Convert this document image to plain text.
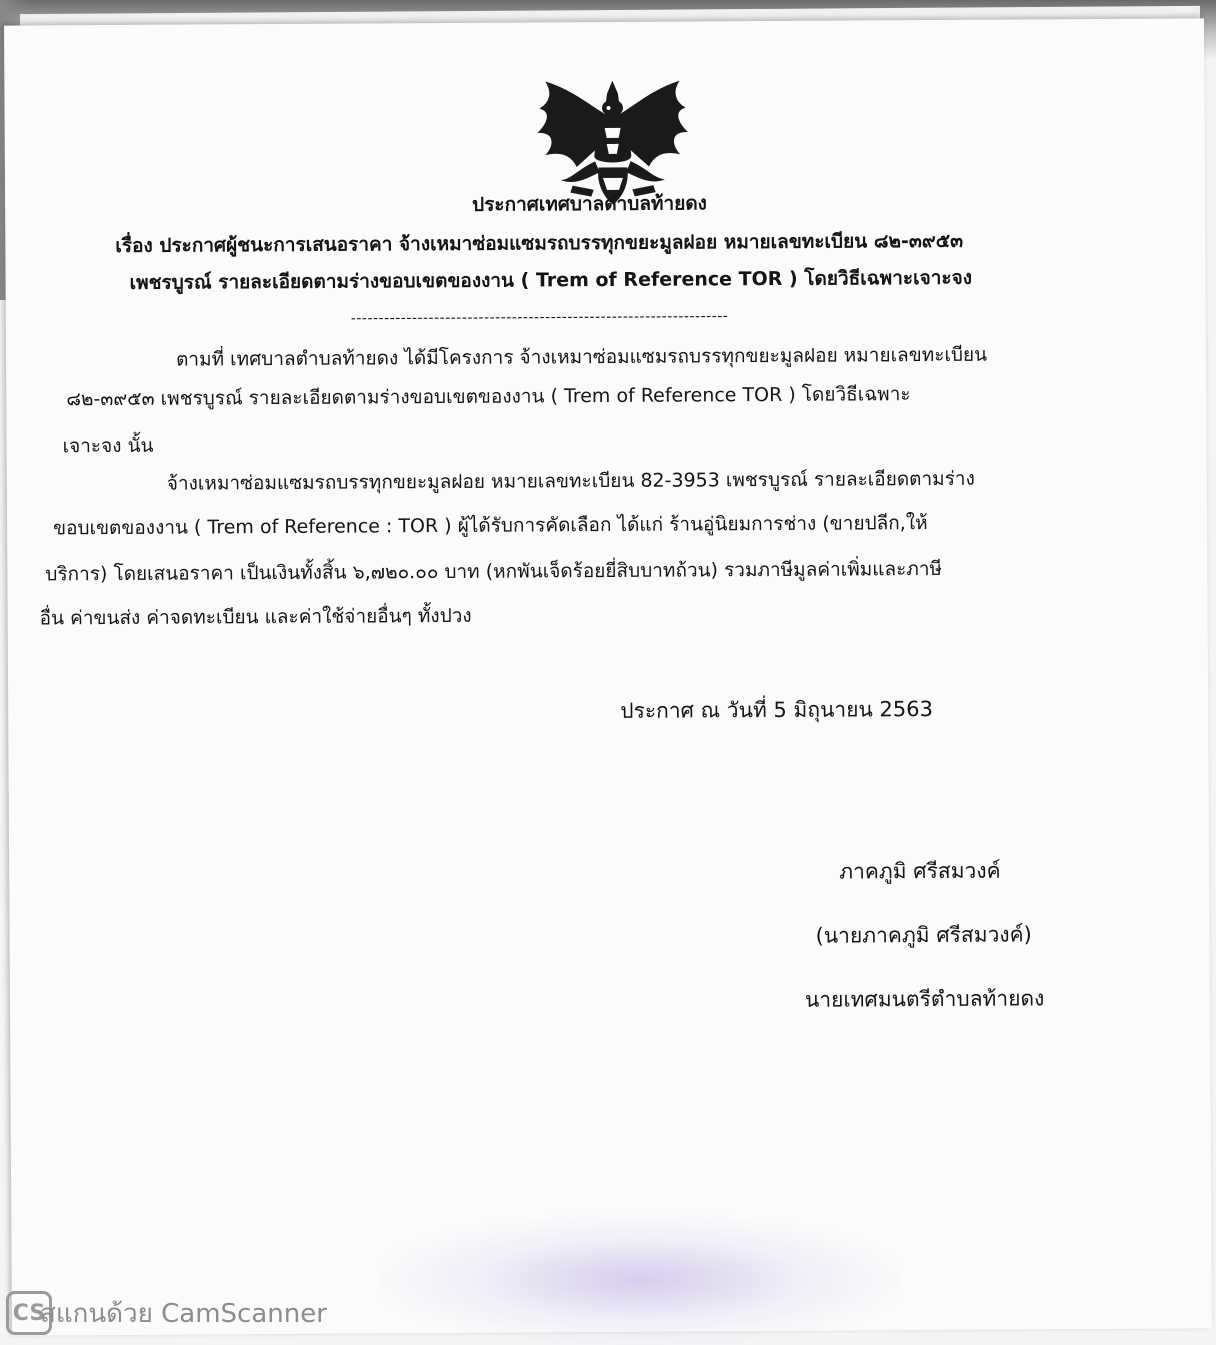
ประกาศเทศบาลตำบลท้ายดง
เรื่อง ประกาศผู้ชนะการเสนอราคา จ้างเหมาซ่อมแซมรถบรรทุกขยะมูลฝอย หมายเลขทะเบียน ๘๒-๓๙๕๓
เพชรบูรณ์ รายละเอียดตามร่างขอบเขตของงาน ( Trem of Reference TOR ) โดยวิธีเฉพาะเจาะจง
--------------------------------------------------------------------
ตามที่ เทศบาลตำบลท้ายดง ได้มีโครงการ จ้างเหมาซ่อมแซมรถบรรทุกขยะมูลฝอย หมายเลขทะเบียน
๘๒-๓๙๕๓ เพชรบูรณ์ รายละเอียดตามร่างขอบเขตของงาน ( Trem of Reference TOR ) โดยวิธีเฉพาะ
เจาะจง นั้น
จ้างเหมาซ่อมแซมรถบรรทุกขยะมูลฝอย หมายเลขทะเบียน 82-3953 เพชรบูรณ์ รายละเอียดตามร่าง
ขอบเขตของงาน ( Trem of Reference : TOR ) ผู้ได้รับการคัดเลือก ได้แก่ ร้านอู่นิยมการช่าง (ขายปลีก,ให้
บริการ) โดยเสนอราคา เป็นเงินทั้งสิ้น ๖,๗๒๐.๐๐ บาท (หกพันเจ็ดร้อยยี่สิบบาทถ้วน) รวมภาษีมูลค่าเพิ่มและภาษี
อื่น ค่าขนส่ง ค่าจดทะเบียน และค่าใช้จ่ายอื่นๆ ทั้งปวง
ประกาศ ณ วันที่ 5 มิถุนายน 2563
ภาคภูมิ ศรีสมวงค์
(นายภาคภูมิ ศรีสมวงค์)
นายเทศมนตรีตำบลท้ายดง
CS
สแกนด้วย CamScanner
